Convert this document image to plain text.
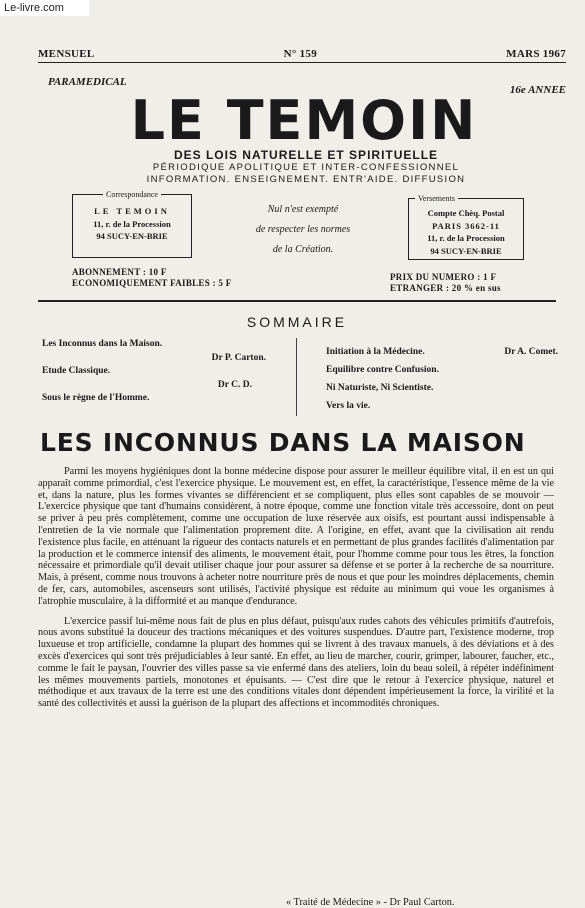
Le-livre.com
MENSUEL	N° 159	MARS 1967
PARAMEDICAL
16e ANNEE
LE TEMOIN
DES LOIS NATURELLE ET SPIRITUELLE
PÉRIODIQUE APOLITIQUE ET INTER-CONFESSIONNEL
INFORMATION. ENSEIGNEMENT. ENTR'AIDE. DIFFUSION
Correspondance
LE TEMOIN
11, r. de la Procession
94 SUCY-EN-BRIE
Nul n'est exempté
de respecter les normes
de la Création.
Versements
Compte Chèq. Postal
PARIS 3662-11
11, r. de la Procession
94 SUCY-EN-BRIE
ABONNEMENT : 10 F
ECONOMIQUEMENT FAIBLES : 5 F
PRIX DU NUMERO : 1 F
ETRANGER : 20 % en sus
SOMMAIRE
Les Inconnus dans la Maison.
Dr P. Carton.
Etude Classique.
Dr C. D.
Sous le règne de l'Homme.
Initiation à la Médecine.	Dr A. Comet.
Equilibre contre Confusion.
Ni Naturiste, Ni Scientiste.
Vers la vie.
LES INCONNUS DANS LA MAISON

Parmi les moyens hygiéniques dont la bonne médecine dispose pour assurer le meilleur équilibre vital, il en est un qui apparaît comme primordial, c'est l'exercice physique. Le mouvement est, en effet, la caractéristique, l'essence même de la vie et, dans la nature, plus les formes vivantes se différencient et se compliquent, plus elles sont capables de se mouvoir — L'exercice physique que tant d'humains considèrent, à notre époque, comme une fonction vitale très accessoire, dont on peut se priver à peu près complètement, comme une occupation de luxe réservée aux oisifs, est pourtant aussi indispensable à l'entretien de la vie normale que l'alimentation proprement dite. A l'origine, en effet, avant que la civilisation ait rendu l'existence plus facile, en atténuant la rigueur des contacts naturels et en permettant de plus grandes facilités d'alimentation par la production et le commerce intensif des aliments, le mouvement était, pour l'homme comme pour tous les êtres, la fonction nécessaire et primordiale qu'il devait utiliser chaque jour pour assurer sa défense et se porter à la recherche de sa nourriture. Mais, à présent, comme nous trouvons à acheter notre nourriture près de nous et que pour les moindres déplacements, chemin de fer, cars, automobiles, ascenseurs sont utilisés, l'activité physique est réduite au minimum qui voue les organismes à l'atrophie musculaire, à la difformité et au manque d'endurance.

L'exercice passif lui-même nous fait de plus en plus défaut, puisqu'aux rudes cahots des véhicules primitifs d'autrefois, nous avons substitué la douceur des tractions mécaniques et des voitures suspendues. D'autre part, l'existence moderne, trop luxueuse et trop artificielle, condamne la plupart des hommes qui se livrent à des travaux manuels, à des déviations et à des excès d'exercices qui sont très préjudiciables à leur santé. En effet, au lieu de marcher, courir, grimper, labourer, faucher, etc., comme le fait le paysan, l'ouvrier des villes passe sa vie enfermé dans des ateliers, loin du beau soleil, à répéter indéfiniment les mêmes mouvements partiels, monotones et épuisants. — C'est dire que le retour à l'exercice physique, naturel et méthodique et aux travaux de la terre est une des conditions vitales dont dépendent impérieusement la force, la virilité et la santé des collectivités et aussi la guérison de la plupart des affections et incommodités chroniques.

« Traité de Médecine » - Dr Paul Carton.
